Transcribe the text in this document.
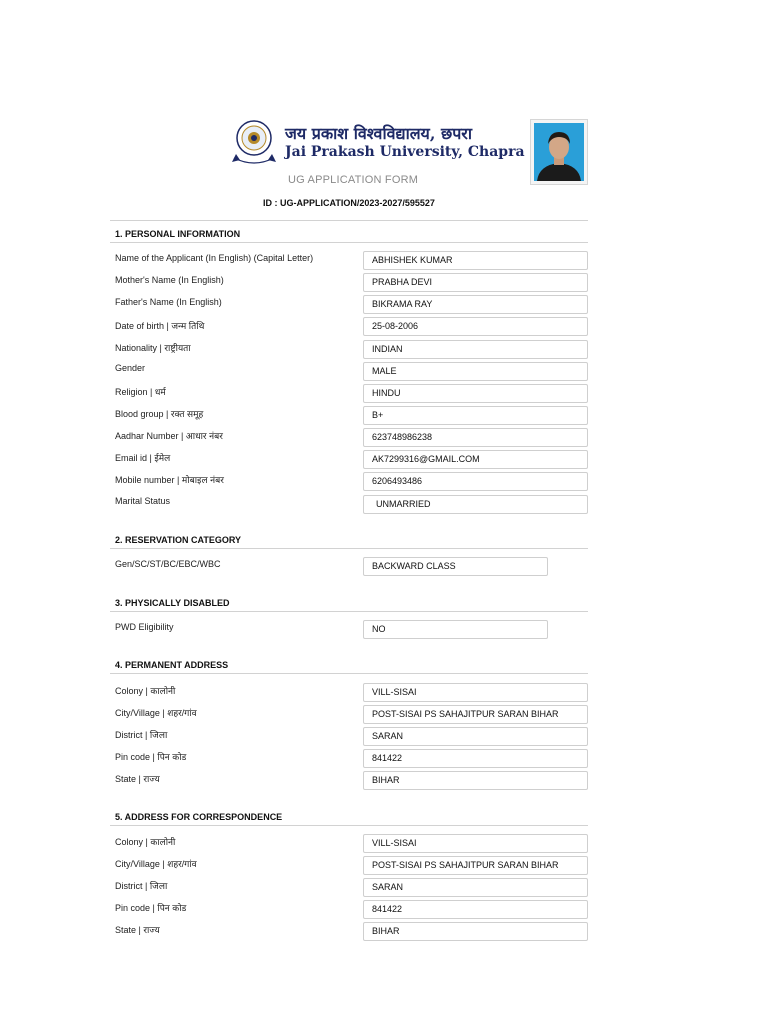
जय प्रकाश विश्वविद्यालय, छपरा
Jai Prakash University, Chapra
UG APPLICATION FORM
ID : UG-APPLICATION/2023-2027/595527
1. PERSONAL INFORMATION
Name of the Applicant (In English) (Capital Letter)	ABHISHEK KUMAR
Mother's Name (In English)	PRABHA DEVI
Father's Name (In English)	BIKRAMA RAY
Date of birth | जन्म तिथि	25-08-2006
Nationality | राष्ट्रीयता	INDIAN
Gender	MALE
Religion | धर्म	HINDU
Blood group | रक्त समूह	B+
Aadhar Number | आधार नंबर	623748986238
Email id | ईमेल	AK7299316@GMAIL.COM
Mobile number | मोबाइल नंबर	6206493486
Marital Status	UNMARRIED
2. RESERVATION CATEGORY
Gen/SC/ST/BC/EBC/WBC	BACKWARD CLASS
3. PHYSICALLY DISABLED
PWD Eligibility	NO
4. PERMANENT ADDRESS
Colony | कालोनी	VILL-SISAI
City/Village | शहर/गांव	POST-SISAI PS SAHAJITPUR SARAN BIHAR
District | जिला	SARAN
Pin code | पिन कोड	841422
State | राज्य	BIHAR
5. ADDRESS FOR CORRESPONDENCE
Colony | कालोनी	VILL-SISAI
City/Village | शहर/गांव	POST-SISAI PS SAHAJITPUR SARAN BIHAR
District | जिला	SARAN
Pin code | पिन कोड	841422
State | राज्य	BIHAR
